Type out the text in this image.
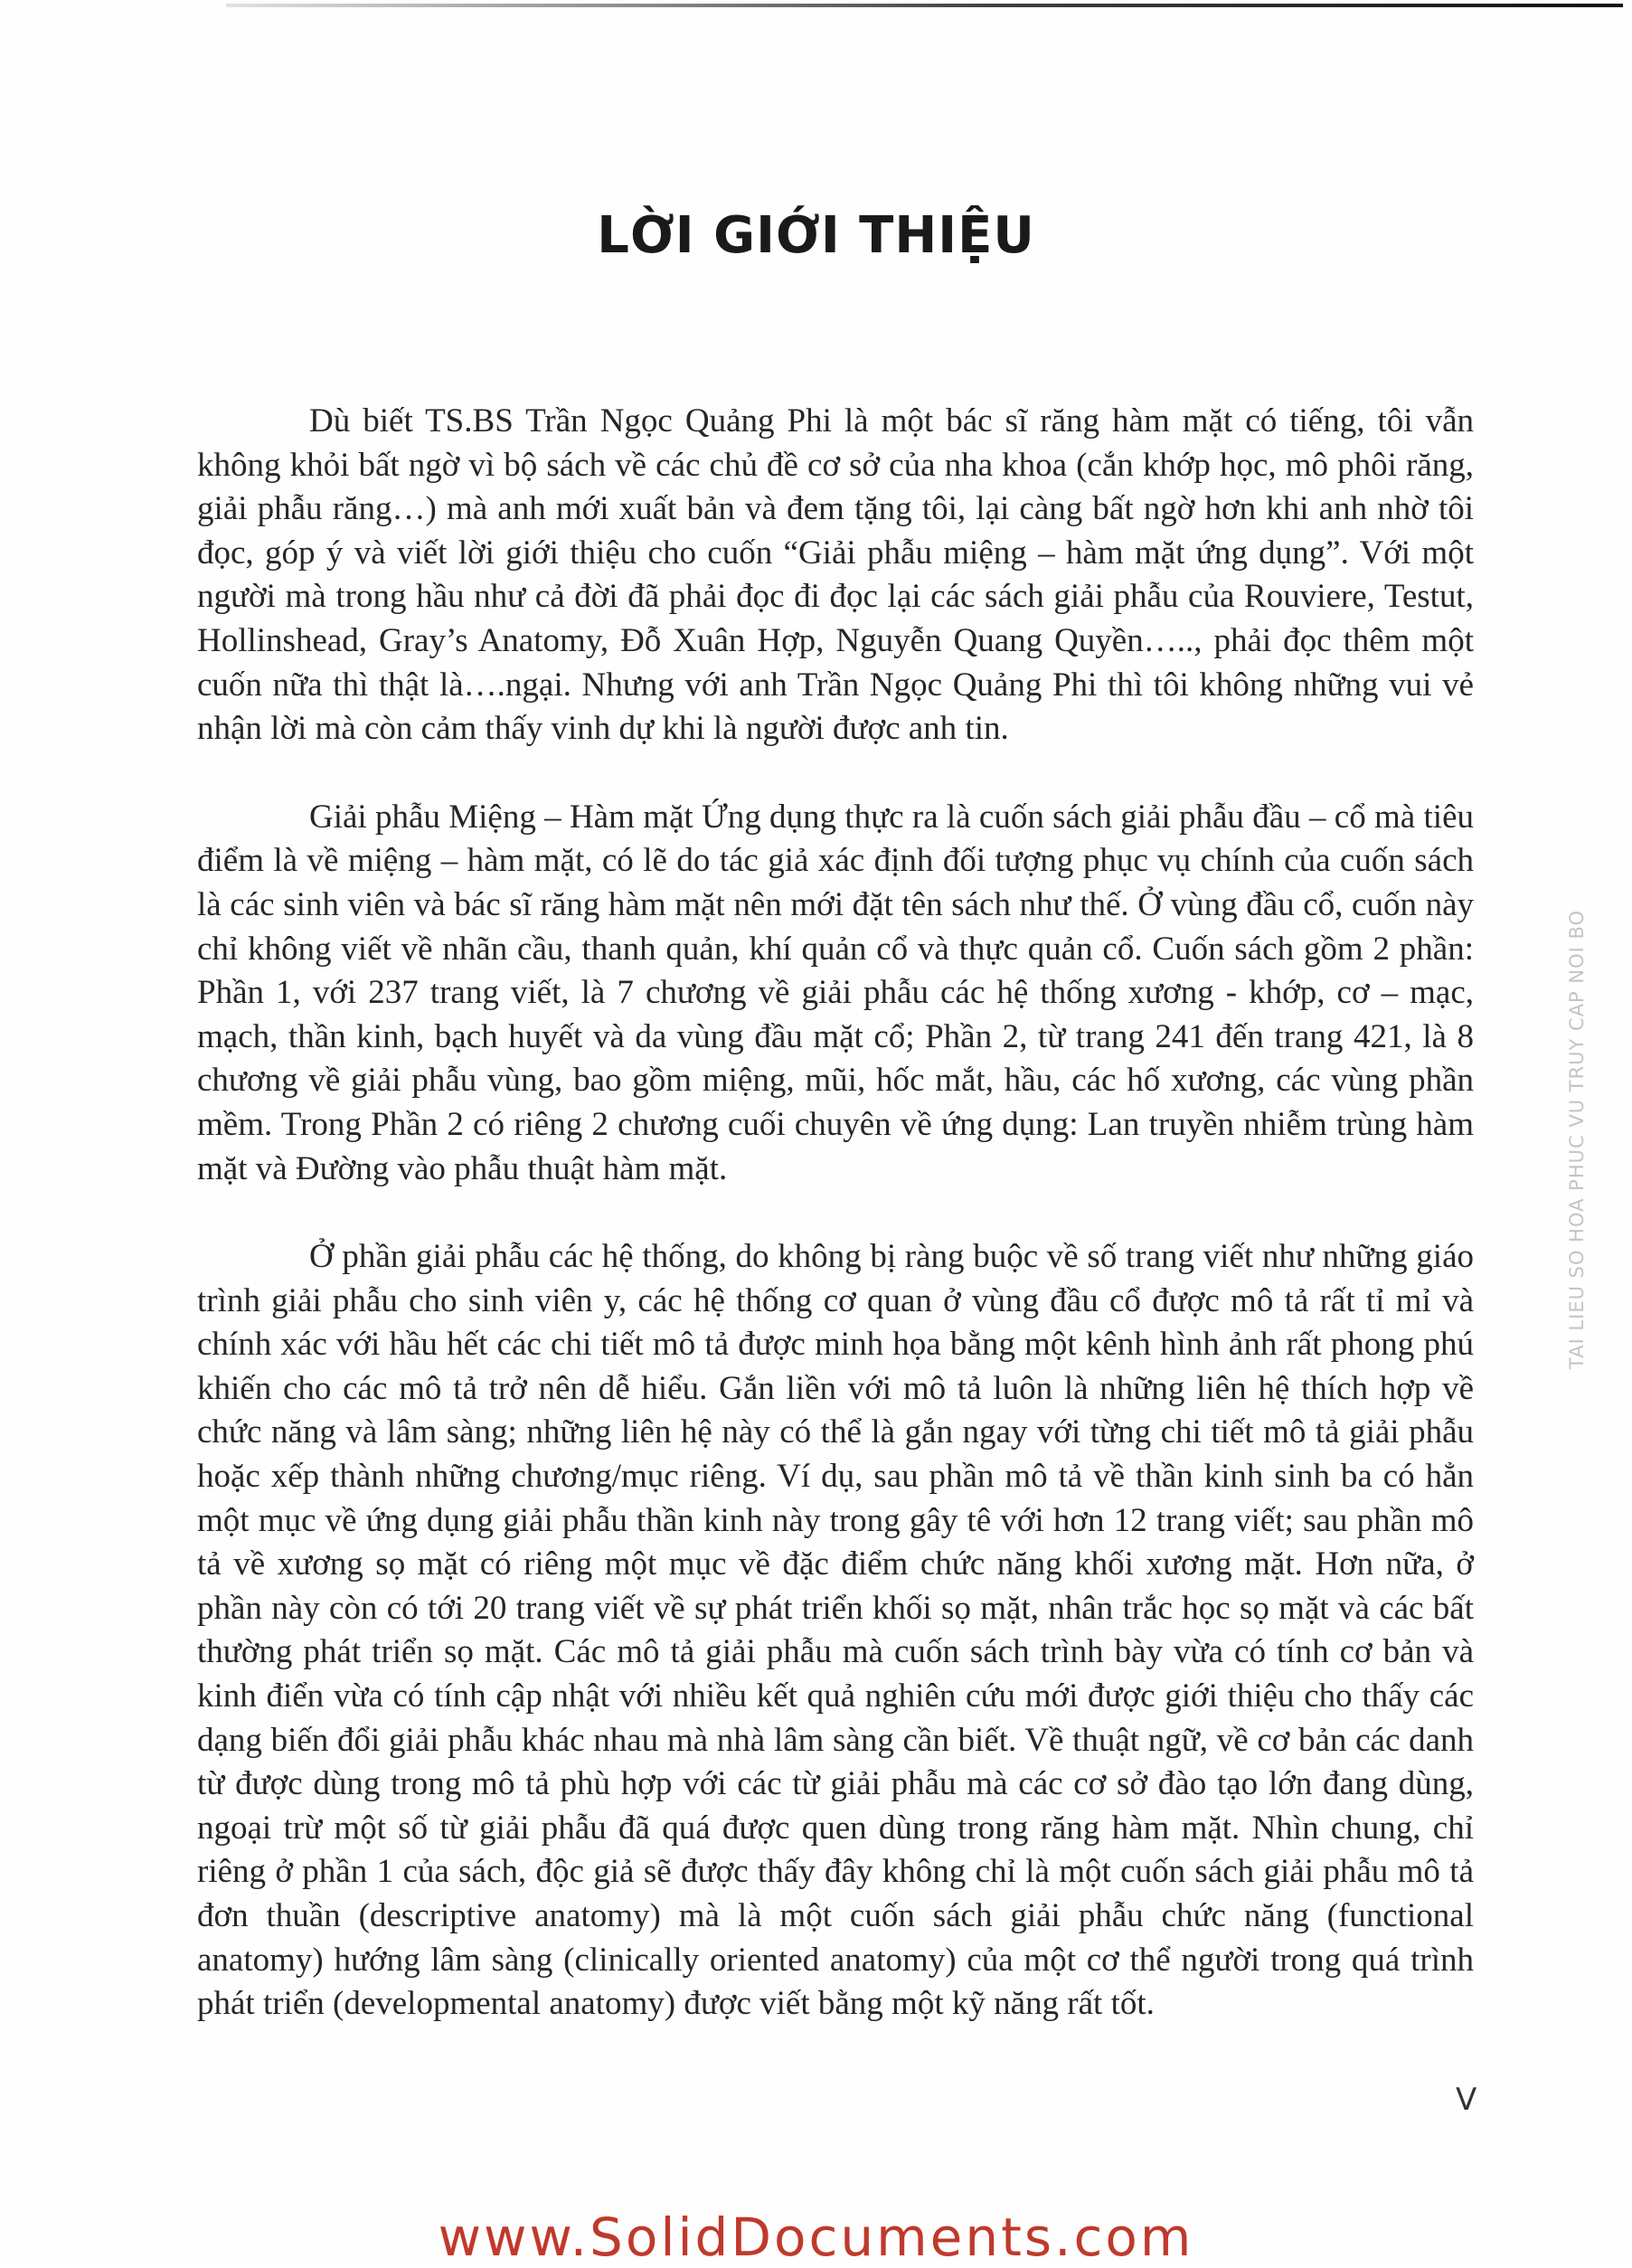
LỜI GIỚI THIỆU

Dù biết TS.BS Trần Ngọc Quảng Phi là một bác sĩ răng hàm mặt có tiếng, tôi vẫn không khỏi bất ngờ vì bộ sách về các chủ đề cơ sở của nha khoa (cắn khớp học, mô phôi răng, giải phẫu răng…) mà anh mới xuất bản và đem tặng tôi, lại càng bất ngờ hơn khi anh nhờ tôi đọc, góp ý và viết lời giới thiệu cho cuốn “Giải phẫu miệng – hàm mặt ứng dụng”. Với một người mà trong hầu như cả đời đã phải đọc đi đọc lại các sách giải phẫu của Rouviere, Testut, Hollinshead, Gray’s Anatomy, Đỗ Xuân Hợp, Nguyễn Quang Quyền….., phải đọc thêm một cuốn nữa thì thật là….ngại. Nhưng với anh Trần Ngọc Quảng Phi thì tôi không những vui vẻ nhận lời mà còn cảm thấy vinh dự khi là người được anh tin.

Giải phẫu Miệng – Hàm mặt Ứng dụng thực ra là cuốn sách giải phẫu đầu – cổ mà tiêu điểm là về miệng – hàm mặt, có lẽ do tác giả xác định đối tượng phục vụ chính của cuốn sách là các sinh viên và bác sĩ răng hàm mặt nên mới đặt tên sách như thế. Ở vùng đầu cổ, cuốn này chỉ không viết về nhãn cầu, thanh quản, khí quản cổ và thực quản cổ. Cuốn sách gồm 2 phần: Phần 1, với 237 trang viết, là 7 chương về giải phẫu các hệ thống xương - khớp, cơ – mạc, mạch, thần kinh, bạch huyết và da vùng đầu mặt cổ; Phần 2, từ trang 241 đến trang 421, là 8 chương về giải phẫu vùng, bao gồm miệng, mũi, hốc mắt, hầu, các hố xương, các vùng phần mềm. Trong Phần 2 có riêng 2 chương cuối chuyên về ứng dụng: Lan truyền nhiễm trùng hàm mặt và Đường vào phẫu thuật hàm mặt.

Ở phần giải phẫu các hệ thống, do không bị ràng buộc về số trang viết như những giáo trình giải phẫu cho sinh viên y, các hệ thống cơ quan ở vùng đầu cổ được mô tả rất tỉ mỉ và chính xác với hầu hết các chi tiết mô tả được minh họa bằng một kênh hình ảnh rất phong phú khiến cho các mô tả trở nên dễ hiểu. Gắn liền với mô tả luôn là những liên hệ thích hợp về chức năng và lâm sàng; những liên hệ này có thể là gắn ngay với từng chi tiết mô tả giải phẫu hoặc xếp thành những chương/mục riêng. Ví dụ, sau phần mô tả về thần kinh sinh ba có hẳn một mục về ứng dụng giải phẫu thần kinh này trong gây tê với hơn 12 trang viết; sau phần mô tả về xương sọ mặt có riêng một mục về đặc điểm chức năng khối xương mặt. Hơn nữa, ở phần này còn có tới 20 trang viết về sự phát triển khối sọ mặt, nhân trắc học sọ mặt và các bất thường phát triển sọ mặt. Các mô tả giải phẫu mà cuốn sách trình bày vừa có tính cơ bản và kinh điển vừa có tính cập nhật với nhiều kết quả nghiên cứu mới được giới thiệu cho thấy các dạng biến đổi giải phẫu khác nhau mà nhà lâm sàng cần biết. Về thuật ngữ, về cơ bản các danh từ được dùng trong mô tả phù hợp với các từ giải phẫu mà các cơ sở đào tạo lớn đang dùng, ngoại trừ một số từ giải phẫu đã quá được quen dùng trong răng hàm mặt. Nhìn chung, chỉ riêng ở phần 1 của sách, độc giả sẽ được thấy đây không chỉ là một cuốn sách giải phẫu mô tả đơn thuần (descriptive anatomy) mà là một cuốn sách giải phẫu chức năng (functional anatomy) hướng lâm sàng (clinically oriented anatomy) của một cơ thể người trong quá trình phát triển (developmental anatomy) được viết bằng một kỹ năng rất tốt.

TAI LIEU SO HOA PHUC VU TRUY CAP NOI BO
V
www.SolidDocuments.com
